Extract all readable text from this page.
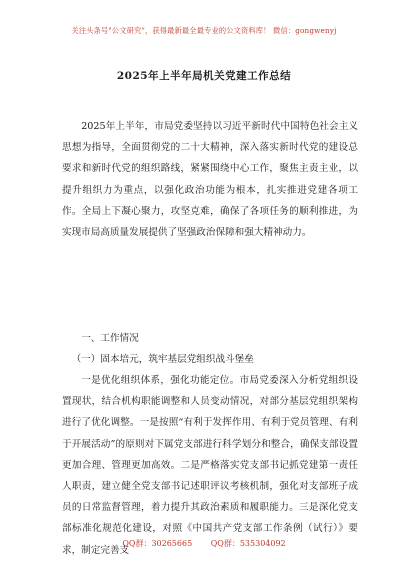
关注头条号"公文研究"，获得最新最全最专业的公文资料库！ 微信：gongwenyj
2025年上半年局机关党建工作总结

2025年上半年，市局党委坚持以习近平新时代中国特色社会主义思想为指导，全面贯彻党的二十大精神，深入落实新时代党的建设总要求和新时代党的组织路线，紧紧围绕中心工作，聚焦主责主业，以提升组织力为重点，以强化政治功能为根本，扎实推进党建各项工作。全局上下凝心聚力，攻坚克难，确保了各项任务的顺利推进，为实现市局高质量发展提供了坚强政治保障和强大精神动力。

一、工作情况

（一）固本培元，筑牢基层党组织战斗堡垒

一是优化组织体系，强化功能定位。市局党委深入分析党组织设置现状，结合机构职能调整和人员变动情况，对部分基层党组织架构进行了优化调整。一是按照“有利于发挥作用、有利于党员管理、有利于开展活动”的原则对下属党支部进行科学划分和整合，确保支部设置更加合理、管理更加高效。二是严格落实党支部书记抓党建第一责任人职责，建立健全党支部书记述职评议考核机制，强化对支部班子成员的日常监督管理，着力提升其政治素质和履职能力。三是深化党支部标准化规范化建设，对照《中国共产党支部工作条例（试行）》要求，制定完善支

QQ群：30265665 QQ群：535304092
